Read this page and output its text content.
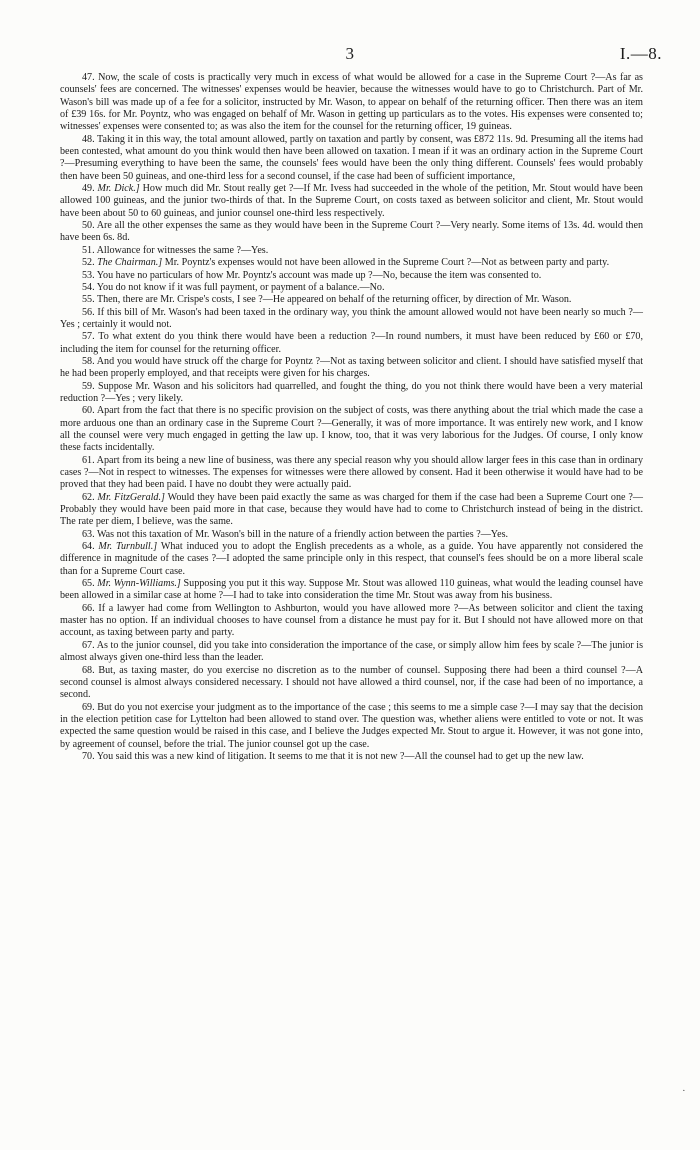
3	I.—8.

47. Now, the scale of costs is practically very much in excess of what would be allowed for a case in the Supreme Court ?—As far as counsels' fees are concerned. The witnesses' expenses would be heavier, because the witnesses would have to go to Christchurch. Part of Mr. Wason's bill was made up of a fee for a solicitor, instructed by Mr. Wason, to appear on behalf of the returning officer. Then there was an item of £39 16s. for Mr. Poyntz, who was engaged on behalf of Mr. Wason in getting up particulars as to the votes. His expenses were consented to; witnesses' expenses were consented to; as was also the item for the counsel for the returning officer, 19 guineas.

48. Taking it in this way, the total amount allowed, partly on taxation and partly by consent, was £872 11s. 9d. Presuming all the items had been contested, what amount do you think would then have been allowed on taxation. I mean if it was an ordinary action in the Supreme Court ?—Presuming everything to have been the same, the counsels' fees would have been the only thing different. Counsels' fees would probably then have been 50 guineas, and one-third less for a second counsel, if the case had been of sufficient importance,

49. Mr. Dick.] How much did Mr. Stout really get ?—If Mr. Ivess had succeeded in the whole of the petition, Mr. Stout would have been allowed 100 guineas, and the junior two-thirds of that. In the Supreme Court, on costs taxed as between solicitor and client, Mr. Stout would have been about 50 to 60 guineas, and junior counsel one-third less respectively.

50. Are all the other expenses the same as they would have been in the Supreme Court ?—Very nearly. Some items of 13s. 4d. would then have been 6s. 8d.

51. Allowance for witnesses the same ?—Yes.

52. The Chairman.] Mr. Poyntz's expenses would not have been allowed in the Supreme Court ?—Not as between party and party.

53. You have no particulars of how Mr. Poyntz's account was made up ?—No, because the item was consented to.

54. You do not know if it was full payment, or payment of a balance.—No.

55. Then, there are Mr. Crispe's costs, I see ?—He appeared on behalf of the returning officer, by direction of Mr. Wason.

56. If this bill of Mr. Wason's had been taxed in the ordinary way, you think the amount allowed would not have been nearly so much ?—Yes ; certainly it would not.

57. To what extent do you think there would have been a reduction ?—In round numbers, it must have been reduced by £60 or £70, including the item for counsel for the returning officer.

58. And you would have struck off the charge for Poyntz ?—Not as taxing between solicitor and client. I should have satisfied myself that he had been properly employed, and that receipts were given for his charges.

59. Suppose Mr. Wason and his solicitors had quarrelled, and fought the thing, do you not think there would have been a very material reduction ?—Yes ; very likely.

60. Apart from the fact that there is no specific provision on the subject of costs, was there anything about the trial which made the case a more arduous one than an ordinary case in the Supreme Court ?—Generally, it was of more importance. It was entirely new work, and I know all the counsel were very much engaged in getting the law up. I know, too, that it was very laborious for the Judges. Of course, I only know these facts incidentally.

61. Apart from its being a new line of business, was there any special reason why you should allow larger fees in this case than in ordinary cases ?—Not in respect to witnesses. The expenses for witnesses were there allowed by consent. Had it been otherwise it would have had to be proved that they had been paid. I have no doubt they were actually paid.

62. Mr. FitzGerald.] Would they have been paid exactly the same as was charged for them if the case had been a Supreme Court one ?—Probably they would have been paid more in that case, because they would have had to come to Christchurch instead of being in the district. The rate per diem, I believe, was the same.

63. Was not this taxation of Mr. Wason's bill in the nature of a friendly action between the parties ?—Yes.

64. Mr. Turnbull.] What induced you to adopt the English precedents as a whole, as a guide. You have apparently not considered the difference in magnitude of the cases ?—I adopted the same principle only in this respect, that counsel's fees should be on a more liberal scale than for a Supreme Court case.

65. Mr. Wynn-Williams.] Supposing you put it this way. Suppose Mr. Stout was allowed 110 guineas, what would the leading counsel have been allowed in a similar case at home ?—I had to take into consideration the time Mr. Stout was away from his business.

66. If a lawyer had come from Wellington to Ashburton, would you have allowed more ?—As between solicitor and client the taxing master has no option. If an individual chooses to have counsel from a distance he must pay for it. But I should not have allowed more on that account, as taxing between party and party.

67. As to the junior counsel, did you take into consideration the importance of the case, or simply allow him fees by scale ?—The junior is almost always given one-third less than the leader.

68. But, as taxing master, do you exercise no discretion as to the number of counsel. Supposing there had been a third counsel ?—A second counsel is almost always considered necessary. I should not have allowed a third counsel, nor, if the case had been of no importance, a second.

69. But do you not exercise your judgment as to the importance of the case ; this seems to me a simple case ?—I may say that the decision in the election petition case for Lyttelton had been allowed to stand over. The question was, whether aliens were entitled to vote or not. It was expected the same question would be raised in this case, and I believe the Judges expected Mr. Stout to argue it. However, it was not gone into, by agreement of counsel, before the trial. The junior counsel got up the case.

70. You said this was a new kind of litigation. It seems to me that it is not new ?—All the counsel had to get up the new law.

·
